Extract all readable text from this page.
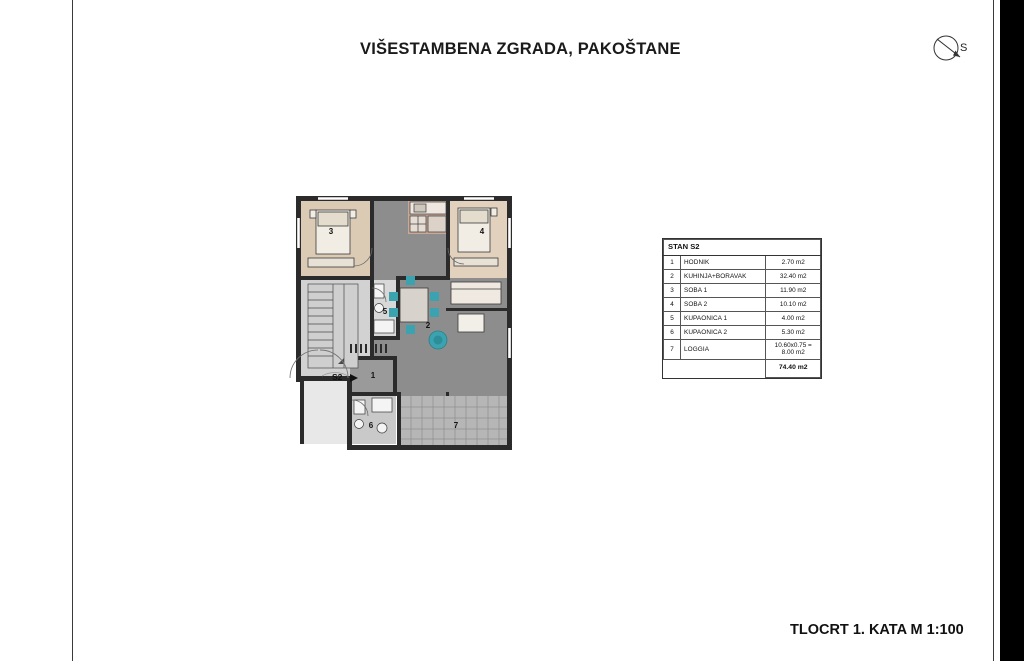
VIŠESTAMBENA ZGRADA, PAKOŠTANE
TLOCRT 1. KATA M 1:100
S
STAN S2		
1	HODNIK	2.70 m2
2	KUHINJA+BORAVAK	32.40 m2
3	SOBA 1	11.90 m2
4	SOBA 2	10.10 m2
5	KUPAONICA 1	4.00 m2
6	KUPAONICA 2	5.30 m2
7	LOGGIA	10.60x0.75 = 8.00 m2
		74.40 m2
3	4
5
2
1
6	7
S2
